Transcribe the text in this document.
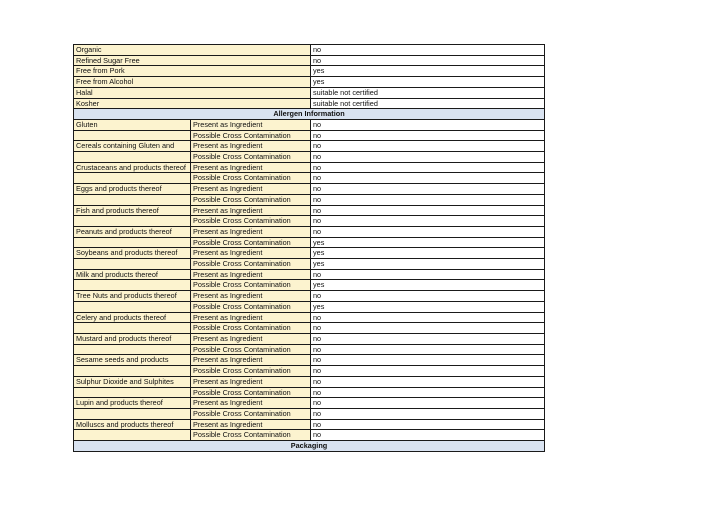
Organic		no
Refined Sugar Free		no
Free from Pork		yes
Free from Alcohol		yes
Halal		suitable not certified
Kosher		suitable not certified
Allergen Information		
Gluten	Present as Ingredient	no
	Possible Cross Contamination	no
Cereals containing Gluten and	Present as Ingredient	no
	Possible Cross Contamination	no
Crustaceans and products thereof	Present as Ingredient	no
	Possible Cross Contamination	no
Eggs and products thereof	Present as Ingredient	no
	Possible Cross Contamination	no
Fish and products thereof	Present as Ingredient	no
	Possible Cross Contamination	no
Peanuts and products thereof	Present as Ingredient	no
	Possible Cross Contamination	yes
Soybeans and products thereof	Present as Ingredient	yes
	Possible Cross Contamination	yes
Milk and products thereof	Present as Ingredient	no
	Possible Cross Contamination	yes
Tree Nuts and products thereof	Present as Ingredient	no
	Possible Cross Contamination	yes
Celery and products thereof	Present as Ingredient	no
	Possible Cross Contamination	no
Mustard and products thereof	Present as Ingredient	no
	Possible Cross Contamination	no
Sesame seeds and products	Present as Ingredient	no
	Possible Cross Contamination	no
Sulphur Dioxide and Sulphites	Present as Ingredient	no
	Possible Cross Contamination	no
Lupin and products thereof	Present as Ingredient	no
	Possible Cross Contamination	no
Molluscs and products thereof	Present as Ingredient	no
	Possible Cross Contamination	no
Packaging		
